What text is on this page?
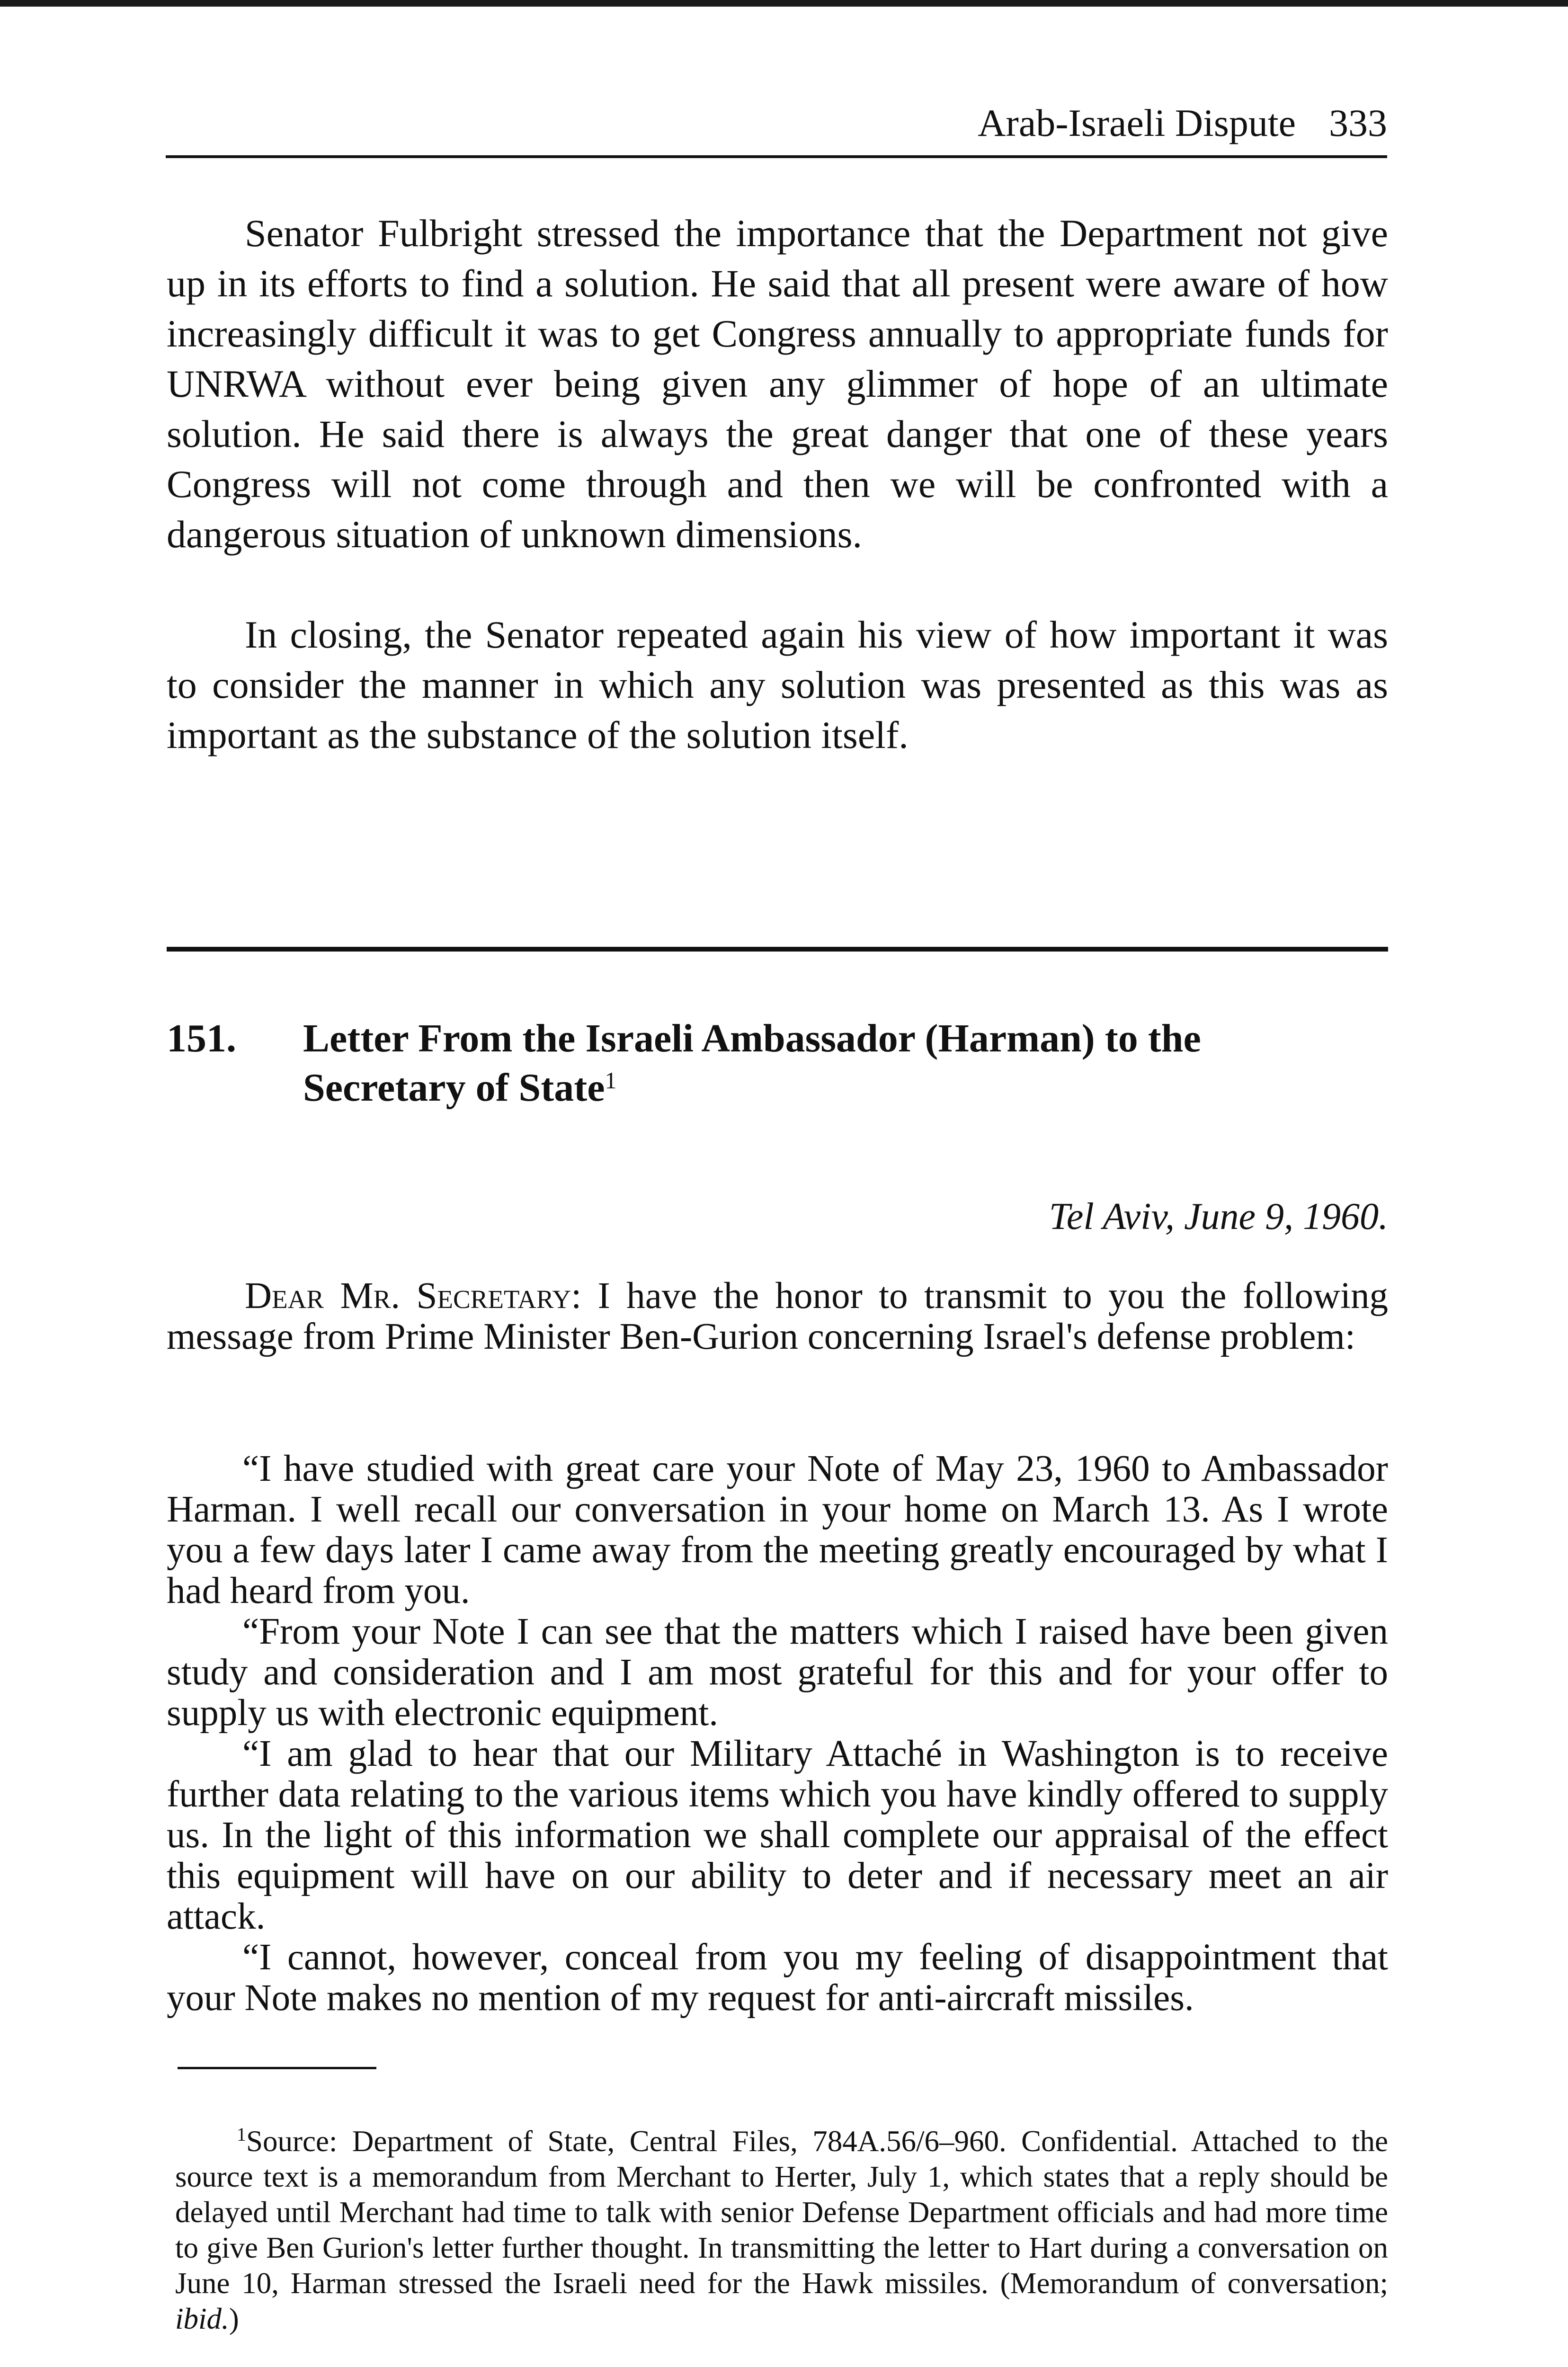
Arab-Israeli Dispute 333

Senator Fulbright stressed the importance that the Department not give up in its efforts to find a solution. He said that all present were aware of how increasingly difficult it was to get Congress annually to appropriate funds for UNRWA without ever being given any glimmer of hope of an ultimate solution. He said there is always the great danger that one of these years Congress will not come through and then we will be confronted with a dangerous situation of unknown dimensions.

In closing, the Senator repeated again his view of how important it was to consider the manner in which any solution was presented as this was as important as the substance of the solution itself.

151. Letter From the Israeli Ambassador (Harman) to the Secretary of State$^1$
Tel Aviv, June 9, 1960.

Dear Mr. Secretary: I have the honor to transmit to you the following message from Prime Minister Ben-Gurion concerning Israel's defense problem:

“I have studied with great care your Note of May 23, 1960 to Ambassador Harman. I well recall our conversation in your home on March 13. As I wrote you a few days later I came away from the meeting greatly encouraged by what I had heard from you.

“From your Note I can see that the matters which I raised have been given study and consideration and I am most grateful for this and for your offer to supply us with electronic equipment.

“I am glad to hear that our Military Attaché in Washington is to receive further data relating to the various items which you have kindly offered to supply us. In the light of this information we shall complete our appraisal of the effect this equipment will have on our ability to deter and if necessary meet an air attack.

“I cannot, however, conceal from you my feeling of disappointment that your Note makes no mention of my request for anti-aircraft missiles.

$^1$Source: Department of State, Central Files, 784A.56/6–960. Confidential. Attached to the source text is a memorandum from Merchant to Herter, July 1, which states that a reply should be delayed until Merchant had time to talk with senior Defense Department officials and had more time to give Ben Gurion's letter further thought. In transmitting the letter to Hart during a conversation on June 10, Harman stressed the Israeli need for the Hawk missiles. (Memorandum of conversation; ibid.)
